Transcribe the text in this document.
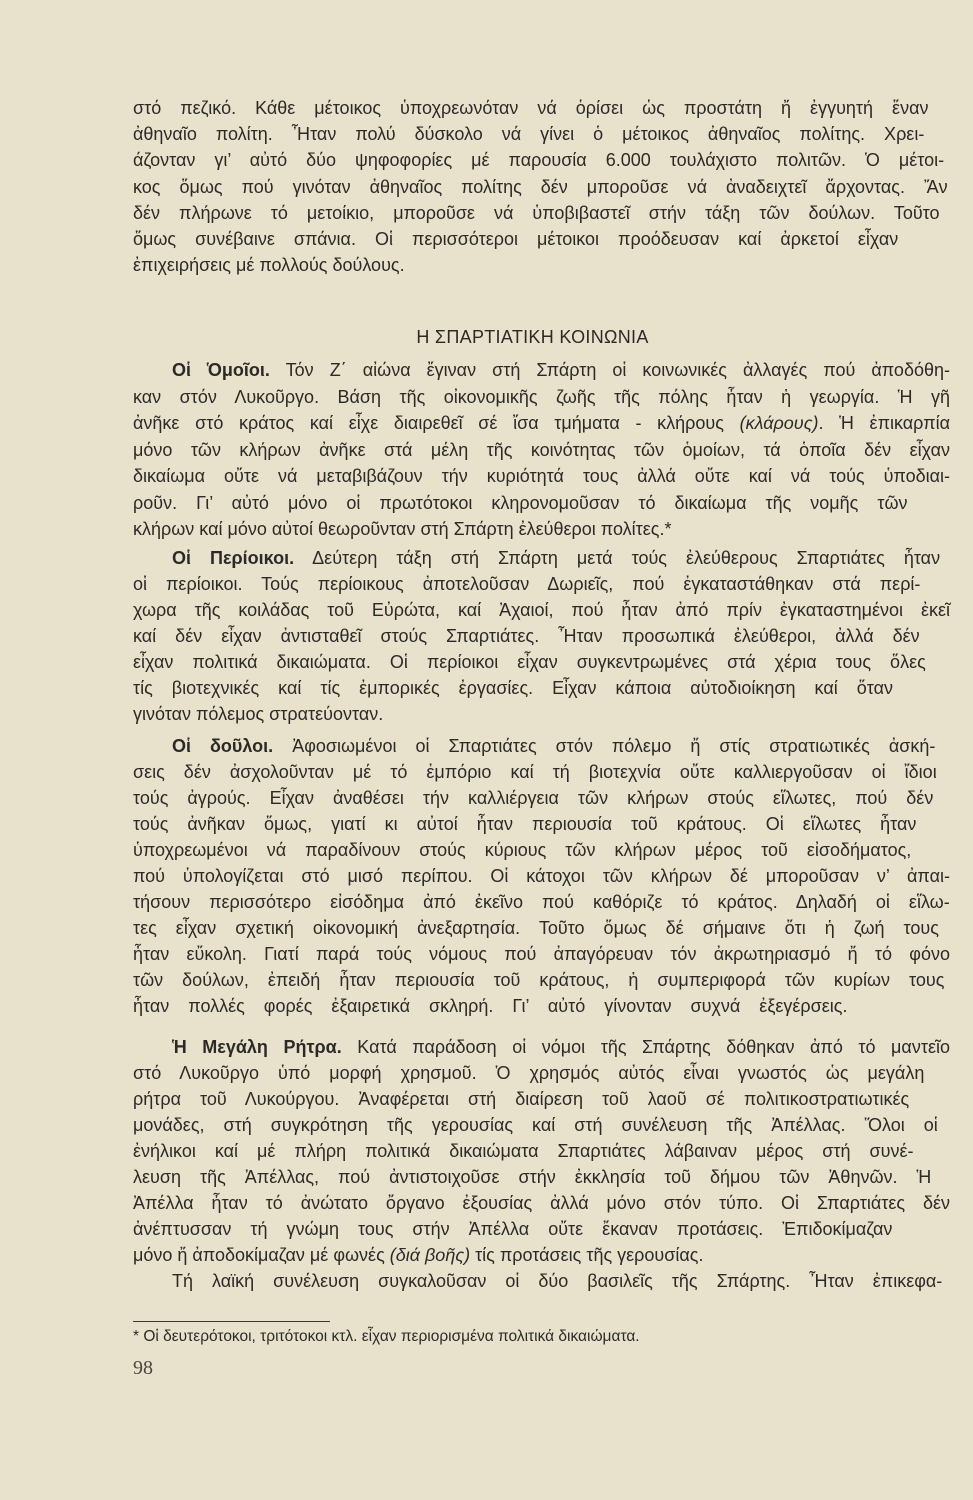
στό πεζικό. Κάθε μέτοικος ὑποχρεωνόταν νά ὁρίσει ὡς προστάτη ἤ ἐγγυητή ἕναν
ἀθηναῖο πολίτη. Ἦταν πολύ δύσκολο νά γίνει ὁ μέτοικος ἀθηναῖος πολίτης. Χρει-
άζονταν γι’ αὐτό δύο ψηφοφορίες μέ παρουσία 6.000 τουλάχιστο πολιτῶν. Ὁ μέτοι-
κος ὅμως πού γινόταν ἀθηναῖος πολίτης δέν μποροῦσε νά ἀναδειχτεῖ ἄρχοντας. Ἄν
δέν πλήρωνε τό μετοίκιο, μποροῦσε νά ὑποβιβαστεῖ στήν τάξη τῶν δούλων. Τοῦτο
ὅμως συνέβαινε σπάνια. Οἱ περισσότεροι μέτοικοι προόδευσαν καί ἀρκετοί εἶχαν
ἐπιχειρήσεις μέ πολλούς δούλους.
Η ΣΠΑΡΤΙΑΤΙΚΗ ΚΟΙΝΩΝΙΑ
Οἱ Ὁμοῖοι. Τόν Ζ΄ αἰώνα ἔγιναν στή Σπάρτη οἱ κοινωνικές ἀλλαγές πού ἀποδόθη-
καν στόν Λυκοῦργο. Βάση τῆς οἰκονομικῆς ζωῆς τῆς πόλης ἦταν ἡ γεωργία. Ἡ γῆ
ἀνῆκε στό κράτος καί εἶχε διαιρεθεῖ σέ ἴσα τμήματα - κλήρους (κλάρους). Ἡ ἐπικαρπία
μόνο τῶν κλήρων ἀνῆκε στά μέλη τῆς κοινότητας τῶν ὁμοίων, τά ὁποῖα δέν εἶχαν
δικαίωμα οὔτε νά μεταβιβάζουν τήν κυριότητά τους ἀλλά οὔτε καί νά τούς ὑποδιαι-
ροῦν. Γι’ αὐτό μόνο οἱ πρωτότοκοι κληρονομοῦσαν τό δικαίωμα τῆς νομῆς τῶν
κλήρων καί μόνο αὐτοί θεωροῦνταν στή Σπάρτη ἐλεύθεροι πολίτες.*
Οἱ Περίοικοι. Δεύτερη τάξη στή Σπάρτη μετά τούς ἐλεύθερους Σπαρτιάτες ἦταν
οἱ περίοικοι. Τούς περίοικους ἀποτελοῦσαν Δωριεῖς, πού ἐγκαταστάθηκαν στά περί-
χωρα τῆς κοιλάδας τοῦ Εὐρώτα, καί Ἀχαιοί, πού ἦταν ἀπό πρίν ἐγκαταστημένοι ἐκεῖ
καί δέν εἶχαν ἀντισταθεῖ στούς Σπαρτιάτες. Ἦταν προσωπικά ἐλεύθεροι, ἀλλά δέν
εἶχαν πολιτικά δικαιώματα. Οἱ περίοικοι εἶχαν συγκεντρωμένες στά χέρια τους ὅλες
τίς βιοτεχνικές καί τίς ἐμπορικές ἐργασίες. Εἶχαν κάποια αὐτοδιοίκηση καί ὅταν
γινόταν πόλεμος στρατεύονταν.
Οἱ δοῦλοι. Ἀφοσιωμένοι οἱ Σπαρτιάτες στόν πόλεμο ἤ στίς στρατιωτικές ἀσκή-
σεις δέν ἀσχολοῦνταν μέ τό ἐμπόριο καί τή βιοτεχνία οὔτε καλλιεργοῦσαν οἱ ἴδιοι
τούς ἀγρούς. Εἶχαν ἀναθέσει τήν καλλιέργεια τῶν κλήρων στούς εἵλωτες, πού δέν
τούς ἀνῆκαν ὅμως, γιατί κι αὐτοί ἦταν περιουσία τοῦ κράτους. Οἱ εἵλωτες ἦταν
ὑποχρεωμένοι νά παραδίνουν στούς κύριους τῶν κλήρων μέρος τοῦ εἰσοδήματος,
πού ὑπολογίζεται στό μισό περίπου. Οἱ κάτοχοι τῶν κλήρων δέ μποροῦσαν ν’ ἀπαι-
τήσουν περισσότερο εἰσόδημα ἀπό ἐκεῖνο πού καθόριζε τό κράτος. Δηλαδή οἱ εἵλω-
τες εἶχαν σχετική οἰκονομική ἀνεξαρτησία. Τοῦτο ὅμως δέ σήμαινε ὅτι ἡ ζωή τους
ἦταν εὔκολη. Γιατί παρά τούς νόμους πού ἀπαγόρευαν τόν ἀκρωτηριασμό ἤ τό φόνο
τῶν δούλων, ἐπειδή ἦταν περιουσία τοῦ κράτους, ἡ συμπεριφορά τῶν κυρίων τους
ἦταν πολλές φορές ἐξαιρετικά σκληρή. Γι’ αὐτό γίνονταν συχνά ἐξεγέρσεις.
Ἡ Μεγάλη Ρήτρα. Κατά παράδοση οἱ νόμοι τῆς Σπάρτης δόθηκαν ἀπό τό μαντεῖο
στό Λυκοῦργο ὑπό μορφή χρησμοῦ. Ὁ χρησμός αὐτός εἶναι γνωστός ὡς μεγάλη
ρήτρα τοῦ Λυκούργου. Ἀναφέρεται στή διαίρεση τοῦ λαοῦ σέ πολιτικοστρατιωτικές
μονάδες, στή συγκρότηση τῆς γερουσίας καί στή συνέλευση τῆς Ἀπέλλας. Ὅλοι οἱ
ἐνήλικοι καί μέ πλήρη πολιτικά δικαιώματα Σπαρτιάτες λάβαιναν μέρος στή συνέ-
λευση τῆς Ἀπέλλας, πού ἀντιστοιχοῦσε στήν ἐκκλησία τοῦ δήμου τῶν Ἀθηνῶν. Ἡ
Ἀπέλλα ἦταν τό ἀνώτατο ὄργανο ἐξουσίας ἀλλά μόνο στόν τύπο. Οἱ Σπαρτιάτες δέν
ἀνέπτυσσαν τή γνώμη τους στήν Ἀπέλλα οὔτε ἔκαναν προτάσεις. Ἐπιδοκίμαζαν
μόνο ἤ ἀποδοκίμαζαν μέ φωνές (διά βοῆς) τίς προτάσεις τῆς γερουσίας.
Τή λαϊκή συνέλευση συγκαλοῦσαν οἱ δύο βασιλεῖς τῆς Σπάρτης. Ἦταν ἐπικεφα-
* Οἱ δευτερότοκοι, τριτότοκοι κτλ. εἶχαν περιορισμένα πολιτικά δικαιώματα.
98
